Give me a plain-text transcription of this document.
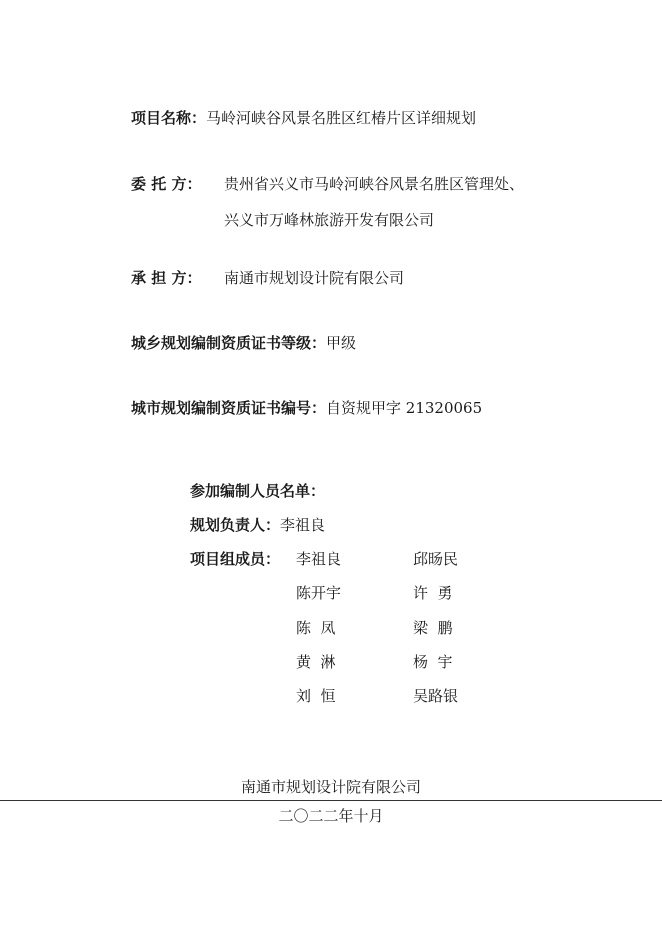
项目名称：马岭河峡谷风景名胜区红椿片区详细规划
委 托 方： 贵州省兴义市马岭河峡谷风景名胜区管理处、
兴义市万峰林旅游开发有限公司
承 担 方： 南通市规划设计院有限公司
城乡规划编制资质证书等级：甲级
城市规划编制资质证书编号：自资规甲字 21320065
参加编制人员名单：
规划负责人：李祖良
项目组成员： 李祖良	邱旸民
陈开宇	许  勇
陈  凤	梁  鹏
黄  淋	杨  宇
刘  恒	吴路银
南通市规划设计院有限公司
二〇二二年十月
